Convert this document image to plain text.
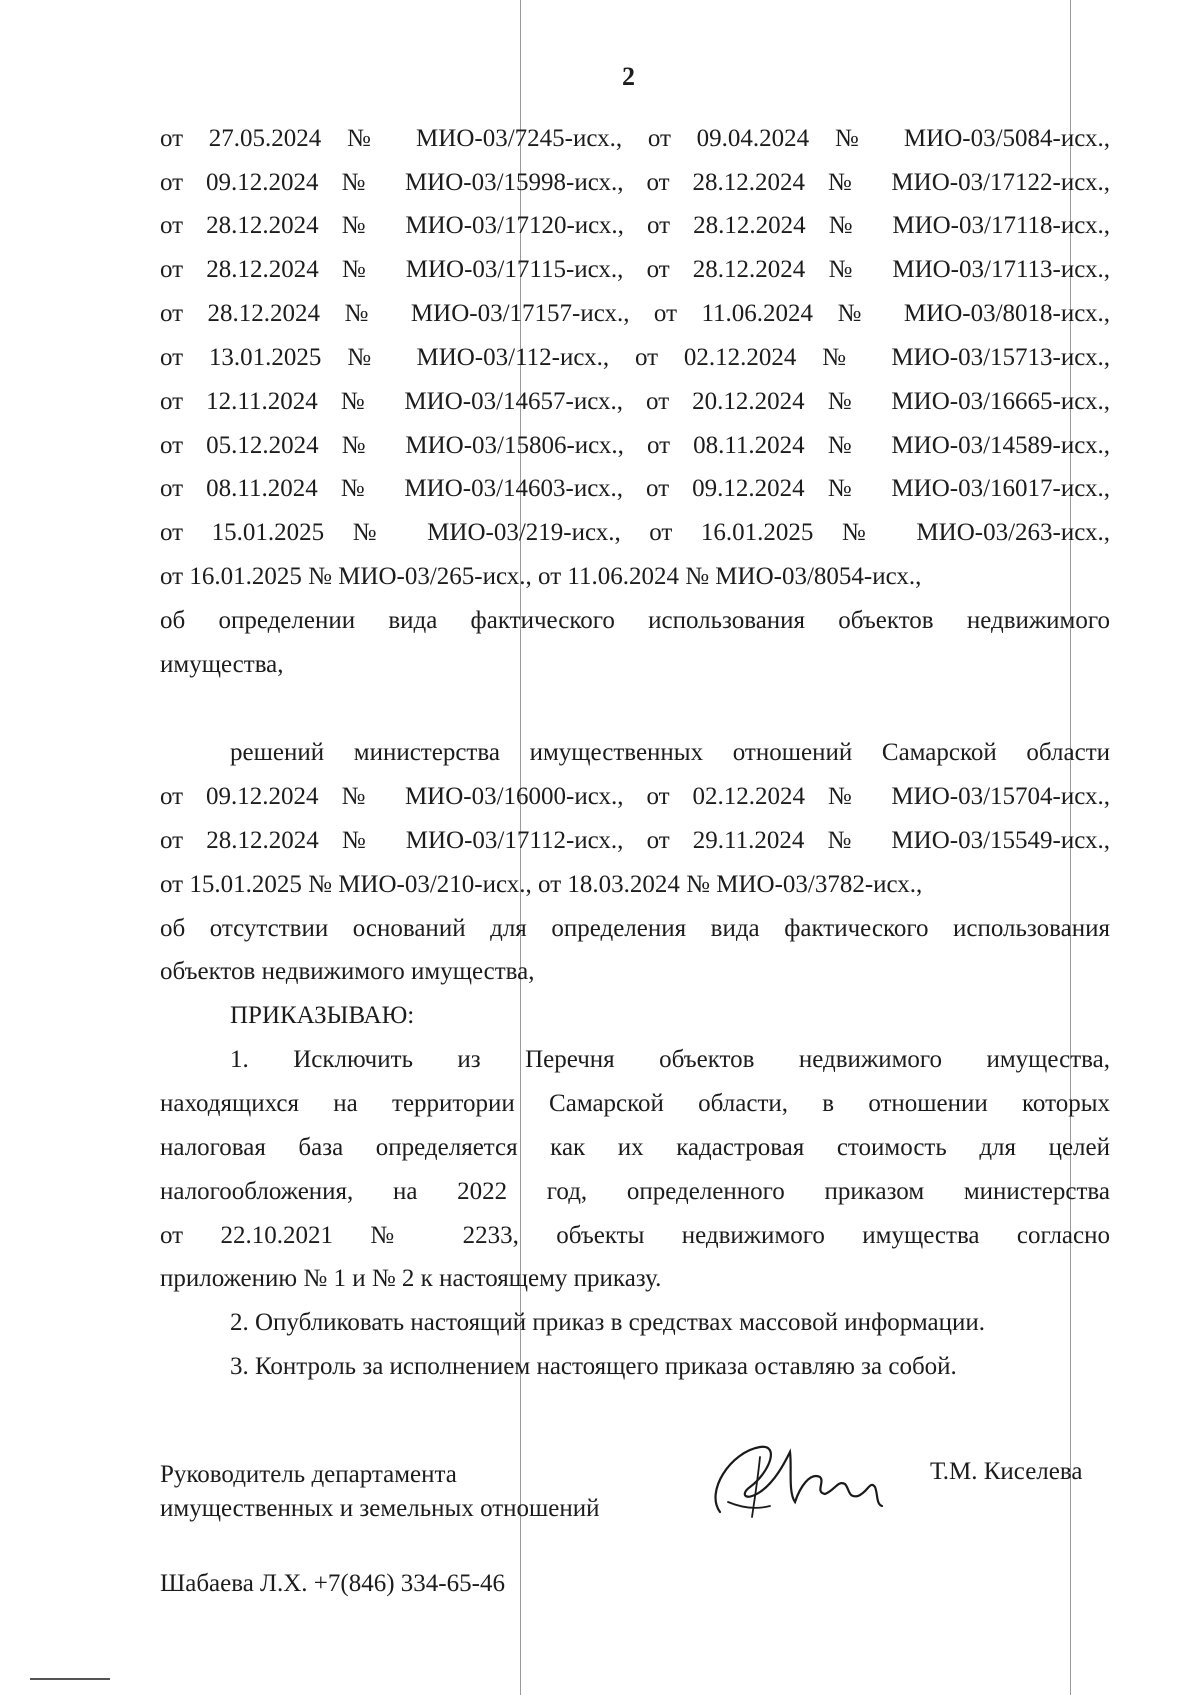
2
от 27.05.2024 № МИО-03/7245-исх., от 09.04.2024 № МИО-03/5084-исх.,
от 09.12.2024 № МИО-03/15998-исх., от 28.12.2024 № МИО-03/17122-исх.,
от 28.12.2024 № МИО-03/17120-исх., от 28.12.2024 № МИО-03/17118-исх.,
от 28.12.2024 № МИО-03/17115-исх., от 28.12.2024 № МИО-03/17113-исх.,
от 28.12.2024 № МИО-03/17157-исх., от 11.06.2024 № МИО-03/8018-исх.,
от 13.01.2025 № МИО-03/112-исх., от 02.12.2024 № МИО-03/15713-исх.,
от 12.11.2024 № МИО-03/14657-исх., от 20.12.2024 № МИО-03/16665-исх.,
от 05.12.2024 № МИО-03/15806-исх., от 08.11.2024 № МИО-03/14589-исх.,
от 08.11.2024 № МИО-03/14603-исх., от 09.12.2024 № МИО-03/16017-исх.,
от 15.01.2025 № МИО-03/219-исх., от 16.01.2025 № МИО-03/263-исх.,
от 16.01.2025 № МИО-03/265-исх., от 11.06.2024 № МИО-03/8054-исх.,
об определении вида фактического использования объектов недвижимого
имущества,
решений министерства имущественных отношений Самарской области
от 09.12.2024 № МИО-03/16000-исх., от 02.12.2024 № МИО-03/15704-исх.,
от 28.12.2024 № МИО-03/17112-исх., от 29.11.2024 № МИО-03/15549-исх.,
от 15.01.2025 № МИО-03/210-исх., от 18.03.2024 № МИО-03/3782-исх.,
об отсутствии оснований для определения вида фактического использования
объектов недвижимого имущества,
ПРИКАЗЫВАЮ:
1. Исключить из Перечня объектов недвижимого имущества,
находящихся на территории Самарской области, в отношении которых
налоговая база определяется как их кадастровая стоимость для целей
налогообложения, на 2022 год, определенного приказом министерства
от 22.10.2021 № 2233, объекты недвижимого имущества согласно
приложению № 1 и № 2 к настоящему приказу.
2. Опубликовать настоящий приказ в средствах массовой информации.
3. Контроль за исполнением настоящего приказа оставляю за собой.
Руководитель департамента
имущественных и земельных отношений
Т.М. Киселева
Шабаева Л.Х. +7(846) 334-65-46
